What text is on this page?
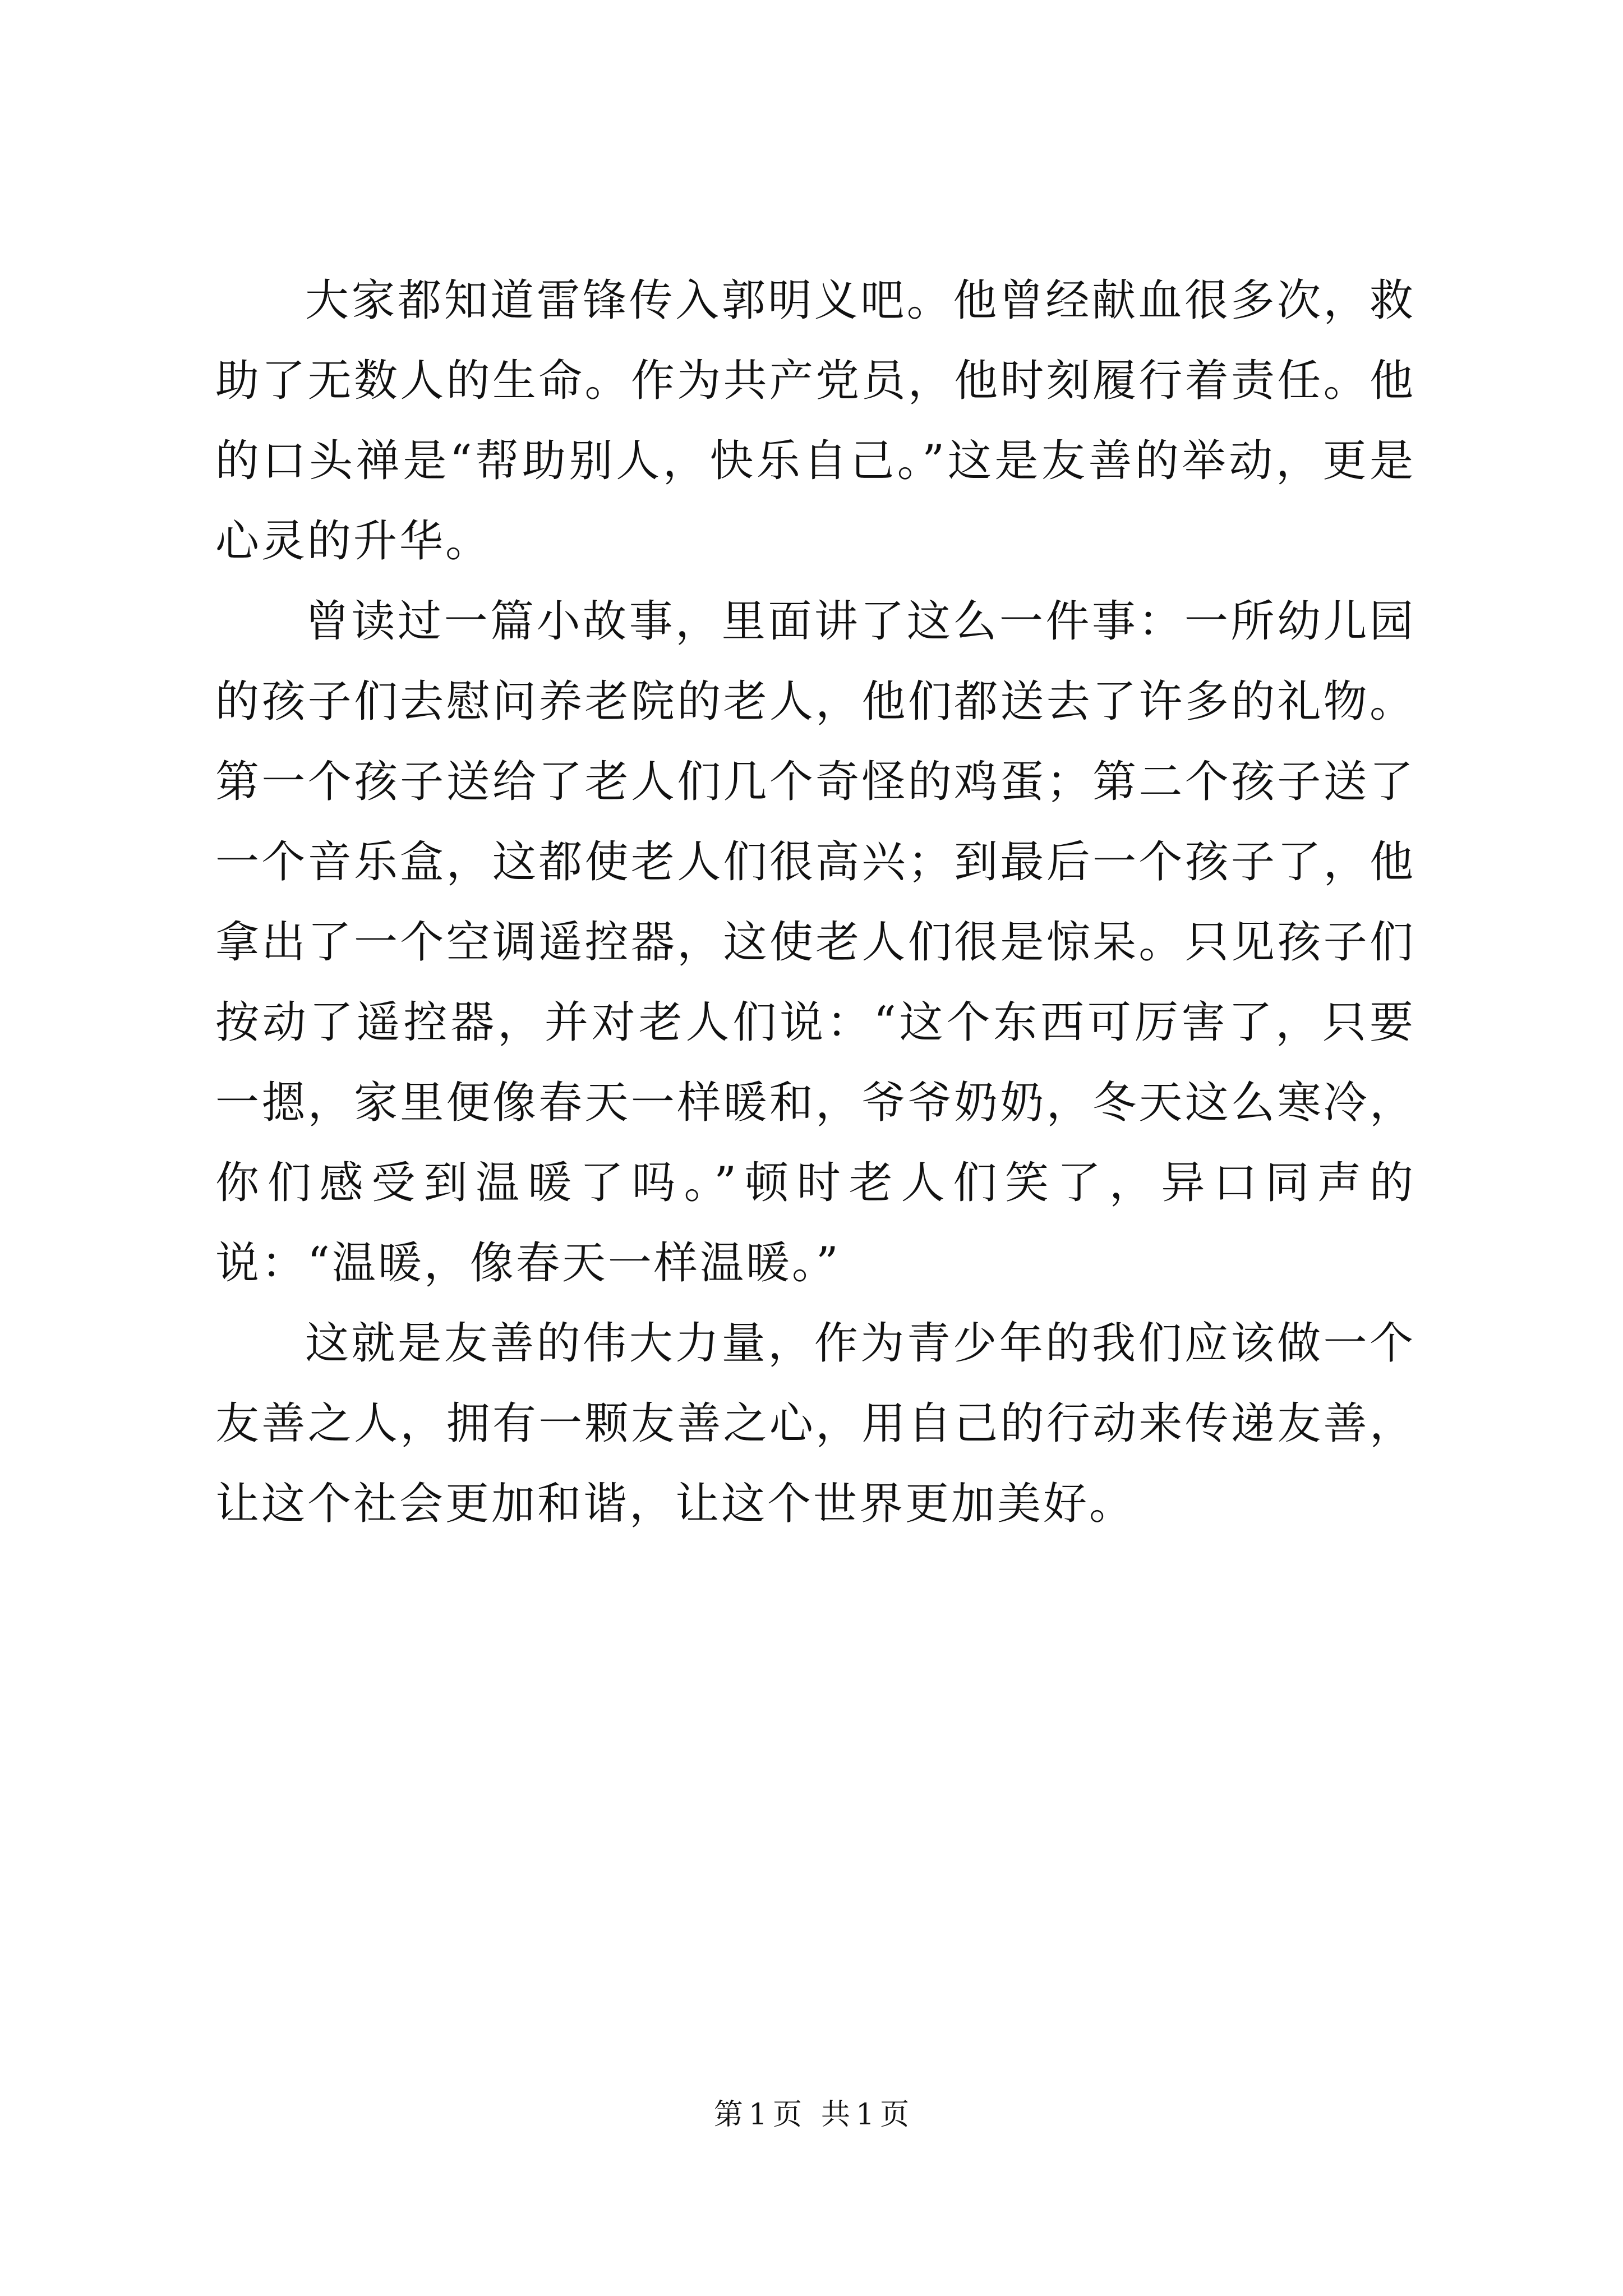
大家都知道雷锋传入郭明义吧。他曾经献血很多次，救助了无数人的生命。作为共产党员，他时刻履行着责任。他的口头禅是“帮助别人，快乐自己。”这是友善的举动，更是心灵的升华。

曾读过一篇小故事，里面讲了这么一件事：一所幼儿园的孩子们去慰问养老院的老人，他们都送去了许多的礼物。第一个孩子送给了老人们几个奇怪的鸡蛋；第二个孩子送了一个音乐盒，这都使老人们很高兴；到最后一个孩子了，他拿出了一个空调遥控器，这使老人们很是惊呆。只见孩子们按动了遥控器，并对老人们说：“这个东西可厉害了，只要一摁，家里便像春天一样暖和，爷爷奶奶，冬天这么寒冷，你们感受到温暖了吗。”顿时老人们笑了，异口同声的说：“温暖，像春天一样温暖。”

这就是友善的伟大力量，作为青少年的我们应该做一个友善之人，拥有一颗友善之心，用自己的行动来传递友善，让这个社会更加和谐，让这个世界更加美好。

第 1 页 共 1 页
